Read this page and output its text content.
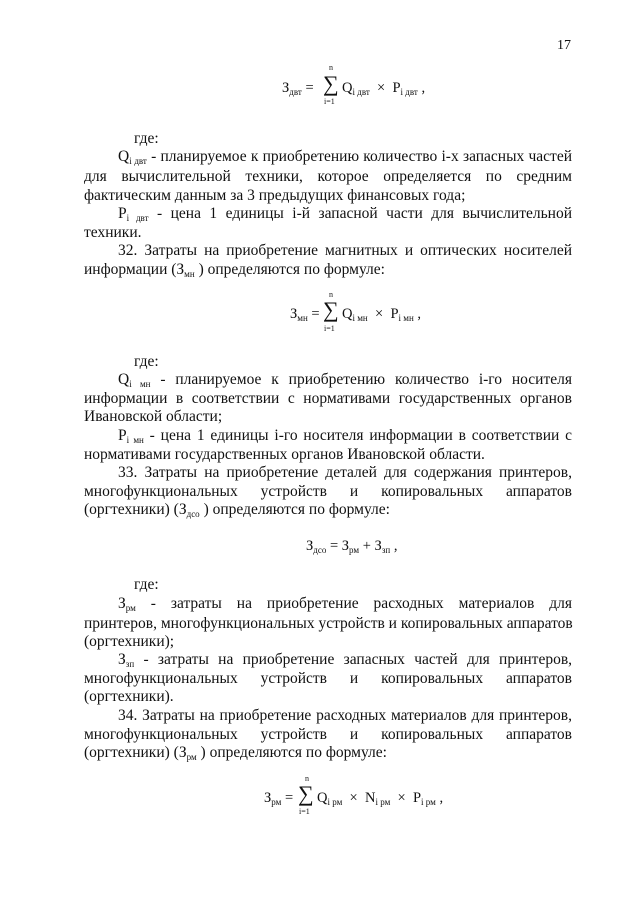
17
$З_{двт}$ =
n
∑
i=1
$Q_{i двт} \times P_{i двт}$ ,
где:
$Q_{i двт}$ - планируемое к приобретению количество i-х запасных частей
для вычислительной техники, которое определяется по средним
фактическим данным за 3 предыдущих финансовых года;
$P_{i двт}$ - цена 1 единицы i-й запасной части для вычислительной
техники.
32. Затраты на приобретение магнитных и оптических носителей
информации ($З_{мн}$ ) определяются по формуле:
$З_{мн}$ =
n
∑
i=1
$Q_{i мн} \times P_{i мн}$ ,
где:
$Q_{i мн}$ - планируемое к приобретению количество i-го носителя
информации в соответствии с нормативами государственных органов
Ивановской области;
$P_{i мн}$ - цена 1 единицы i-го носителя информации в соответствии с
нормативами государственных органов Ивановской области.
33. Затраты на приобретение деталей для содержания принтеров,
многофункциональных устройств и копировальных аппаратов
(оргтехники) ($З_{дсо}$ ) определяются по формуле:
$З_{дсо} = З_{рм} + З_{зп}$ ,
где:
$З_{рм}$ - затраты на приобретение расходных материалов для
принтеров, многофункциональных устройств и копировальных аппаратов
(оргтехники);
$З_{зп}$ - затраты на приобретение запасных частей для принтеров,
многофункциональных устройств и копировальных аппаратов
(оргтехники).
34. Затраты на приобретение расходных материалов для принтеров,
многофункциональных устройств и копировальных аппаратов
(оргтехники) ($З_{рм}$ ) определяются по формуле:
$З_{рм}$ =
n
∑
i=1
$Q_{i рм} \times N_{i рм} \times P_{i рм}$ ,
